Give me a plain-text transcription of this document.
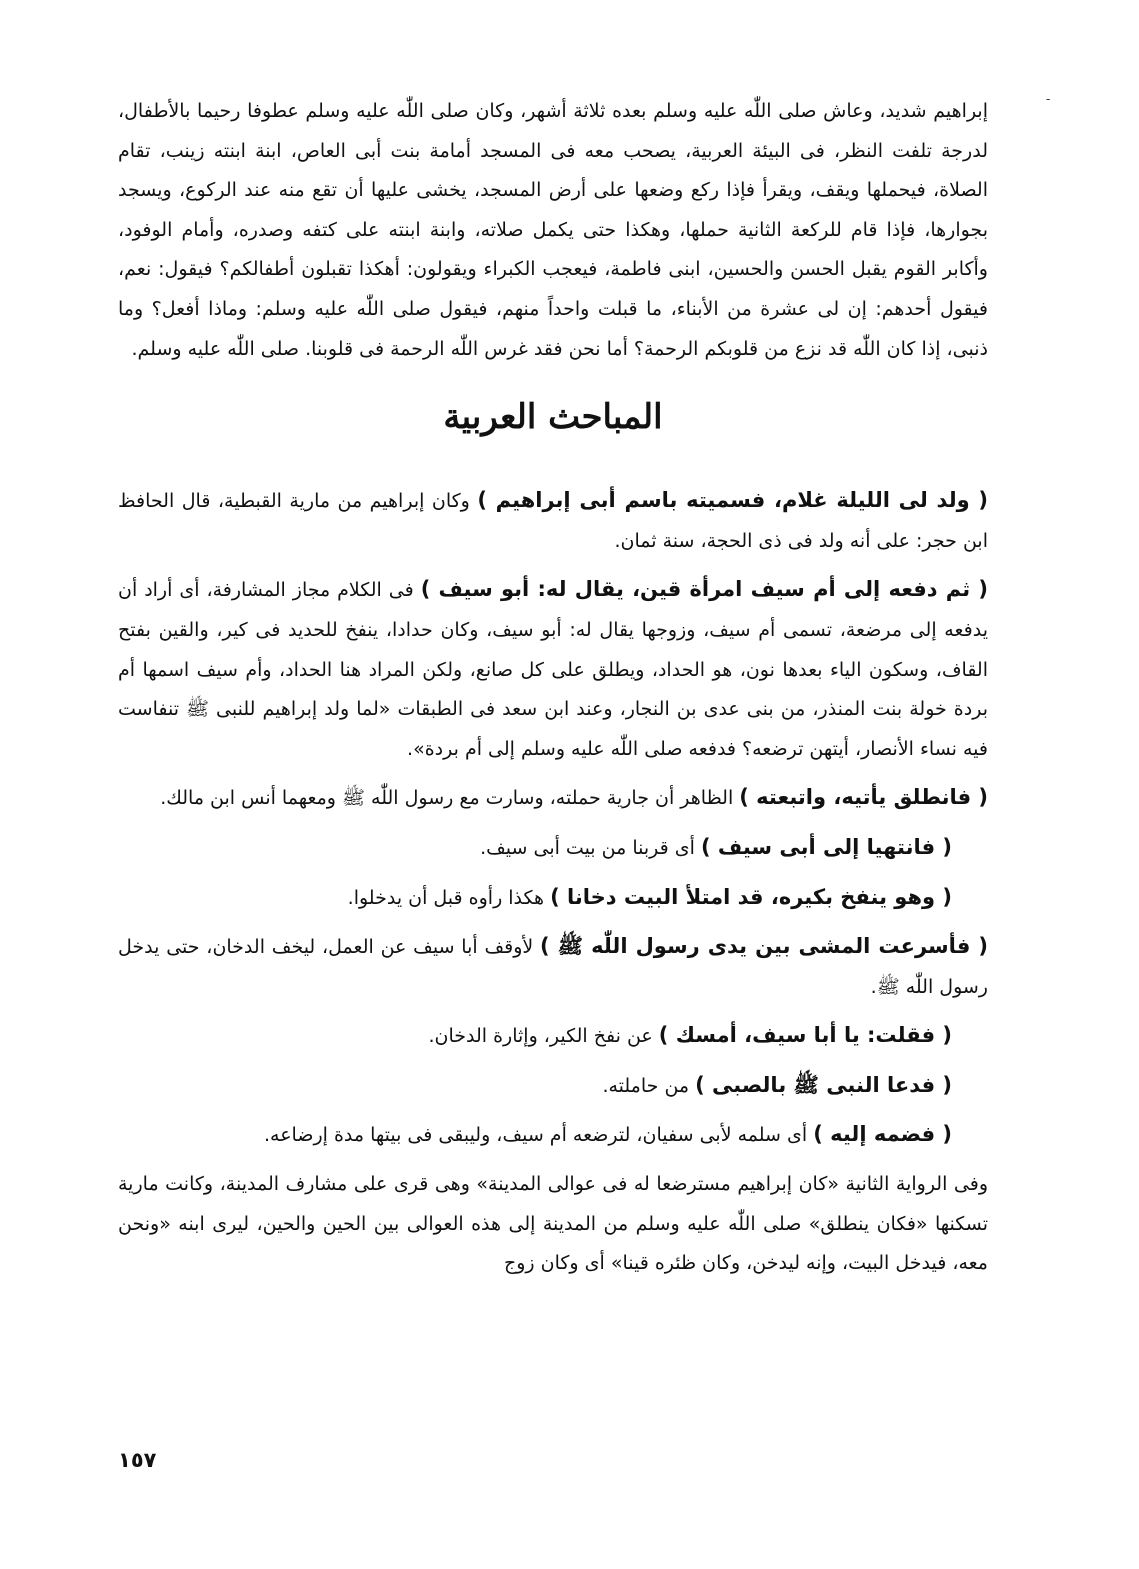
-

إبراهيم شديد، وعاش صلى اللّٰه عليه وسلم بعده ثلاثة أشهر، وكان صلى اللّٰه عليه وسلم عطوفا رحيما بالأطفال، لدرجة تلفت النظر، فى البيئة العربية، يصحب معه فى المسجد أمامة بنت أبى العاص، ابنة ابنته زينب، تقام الصلاة، فيحملها ويقف، ويقرأ فإذا ركع وضعها على أرض المسجد، يخشى عليها أن تقع منه عند الركوع، ويسجد بجوارها، فإذا قام للركعة الثانية حملها، وهكذا حتى يكمل صلاته، وابنة ابنته على كتفه وصدره، وأمام الوفود، وأكابر القوم يقبل الحسن والحسين، ابنى فاطمة، فيعجب الكبراء ويقولون: أهكذا تقبلون أطفالكم؟ فيقول: نعم، فيقول أحدهم: إن لى عشرة من الأبناء، ما قبلت واحداً منهم، فيقول صلى اللّٰه عليه وسلم: وماذا أفعل؟ وما ذنبى، إذا كان اللّٰه قد نزع من قلوبكم الرحمة؟ أما نحن فقد غرس اللّٰه الرحمة فى قلوبنا. صلى اللّٰه عليه وسلم.

المباحث العربية

( ولد لى الليلة غلام، فسميته باسم أبى إبراهيم ) وكان إبراهيم من مارية القبطية، قال الحافظ ابن حجر: على أنه ولد فى ذى الحجة، سنة ثمان.

( ثم دفعه إلى أم سيف امرأة قين، يقال له: أبو سيف ) فى الكلام مجاز المشارفة، أى أراد أن يدفعه إلى مرضعة، تسمى أم سيف، وزوجها يقال له: أبو سيف، وكان حدادا، ينفخ للحديد فى كير، والقين بفتح القاف، وسكون الياء بعدها نون، هو الحداد، ويطلق على كل صانع، ولكن المراد هنا الحداد، وأم سيف اسمها أم بردة خولة بنت المنذر، من بنى عدى بن النجار، وعند ابن سعد فى الطبقات «لما ولد إبراهيم للنبى ﷺ تنفاست فيه نساء الأنصار، أيتهن ترضعه؟ فدفعه صلى اللّٰه عليه وسلم إلى أم بردة».

( فانطلق يأتيه، واتبعته ) الظاهر أن جارية حملته، وسارت مع رسول اللّٰه ﷺ ومعهما أنس ابن مالك.

( فانتهيا إلى أبى سيف ) أى قربنا من بيت أبى سيف.

( وهو ينفخ بكيره، قد امتلأ البيت دخانا ) هكذا رأوه قبل أن يدخلوا.

( فأسرعت المشى بين يدى رسول اللّٰه ﷺ ) لأوقف أبا سيف عن العمل، ليخف الدخان، حتى يدخل رسول اللّٰه ﷺ.

( فقلت: يا أبا سيف، أمسك ) عن نفخ الكير، وإثارة الدخان.

( فدعا النبى ﷺ بالصبى ) من حاملته.

( فضمه إليه ) أى سلمه لأبى سفيان، لترضعه أم سيف، وليبقى فى بيتها مدة إرضاعه.

وفى الرواية الثانية «كان إبراهيم مسترضعا له فى عوالى المدينة» وهى قرى على مشارف المدينة، وكانت مارية تسكنها «فكان ينطلق» صلى اللّٰه عليه وسلم من المدينة إلى هذه العوالى بين الحين والحين، ليرى ابنه «ونحن معه، فيدخل البيت، وإنه ليدخن، وكان ظئره قينا» أى وكان زوج

١٥٧
